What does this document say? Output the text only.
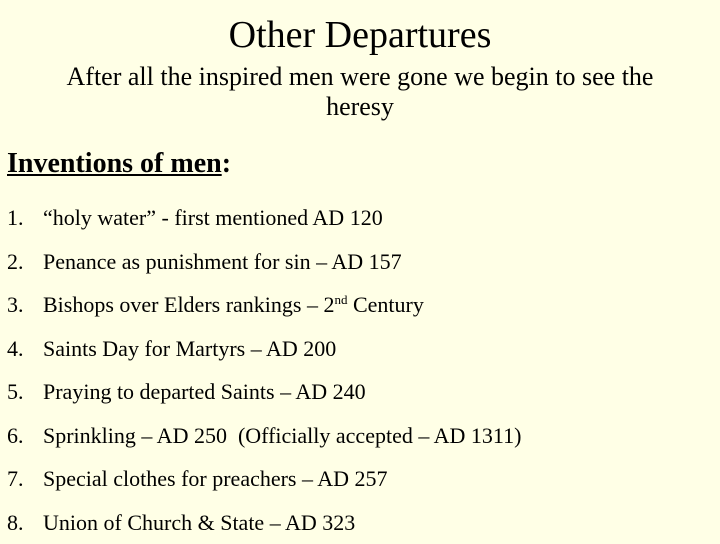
Other Departures
After all the inspired men were gone we begin to see the heresy
Inventions of men:
1. “holy water” - first mentioned AD 120
2. Penance as punishment for sin – AD 157
3. Bishops over Elders rankings – 2nd Century
4. Saints Day for Martyrs – AD 200
5. Praying to departed Saints – AD 240
6. Sprinkling – AD 250  (Officially accepted – AD 1311)
7. Special clothes for preachers – AD 257
8. Union of Church & State – AD 323
